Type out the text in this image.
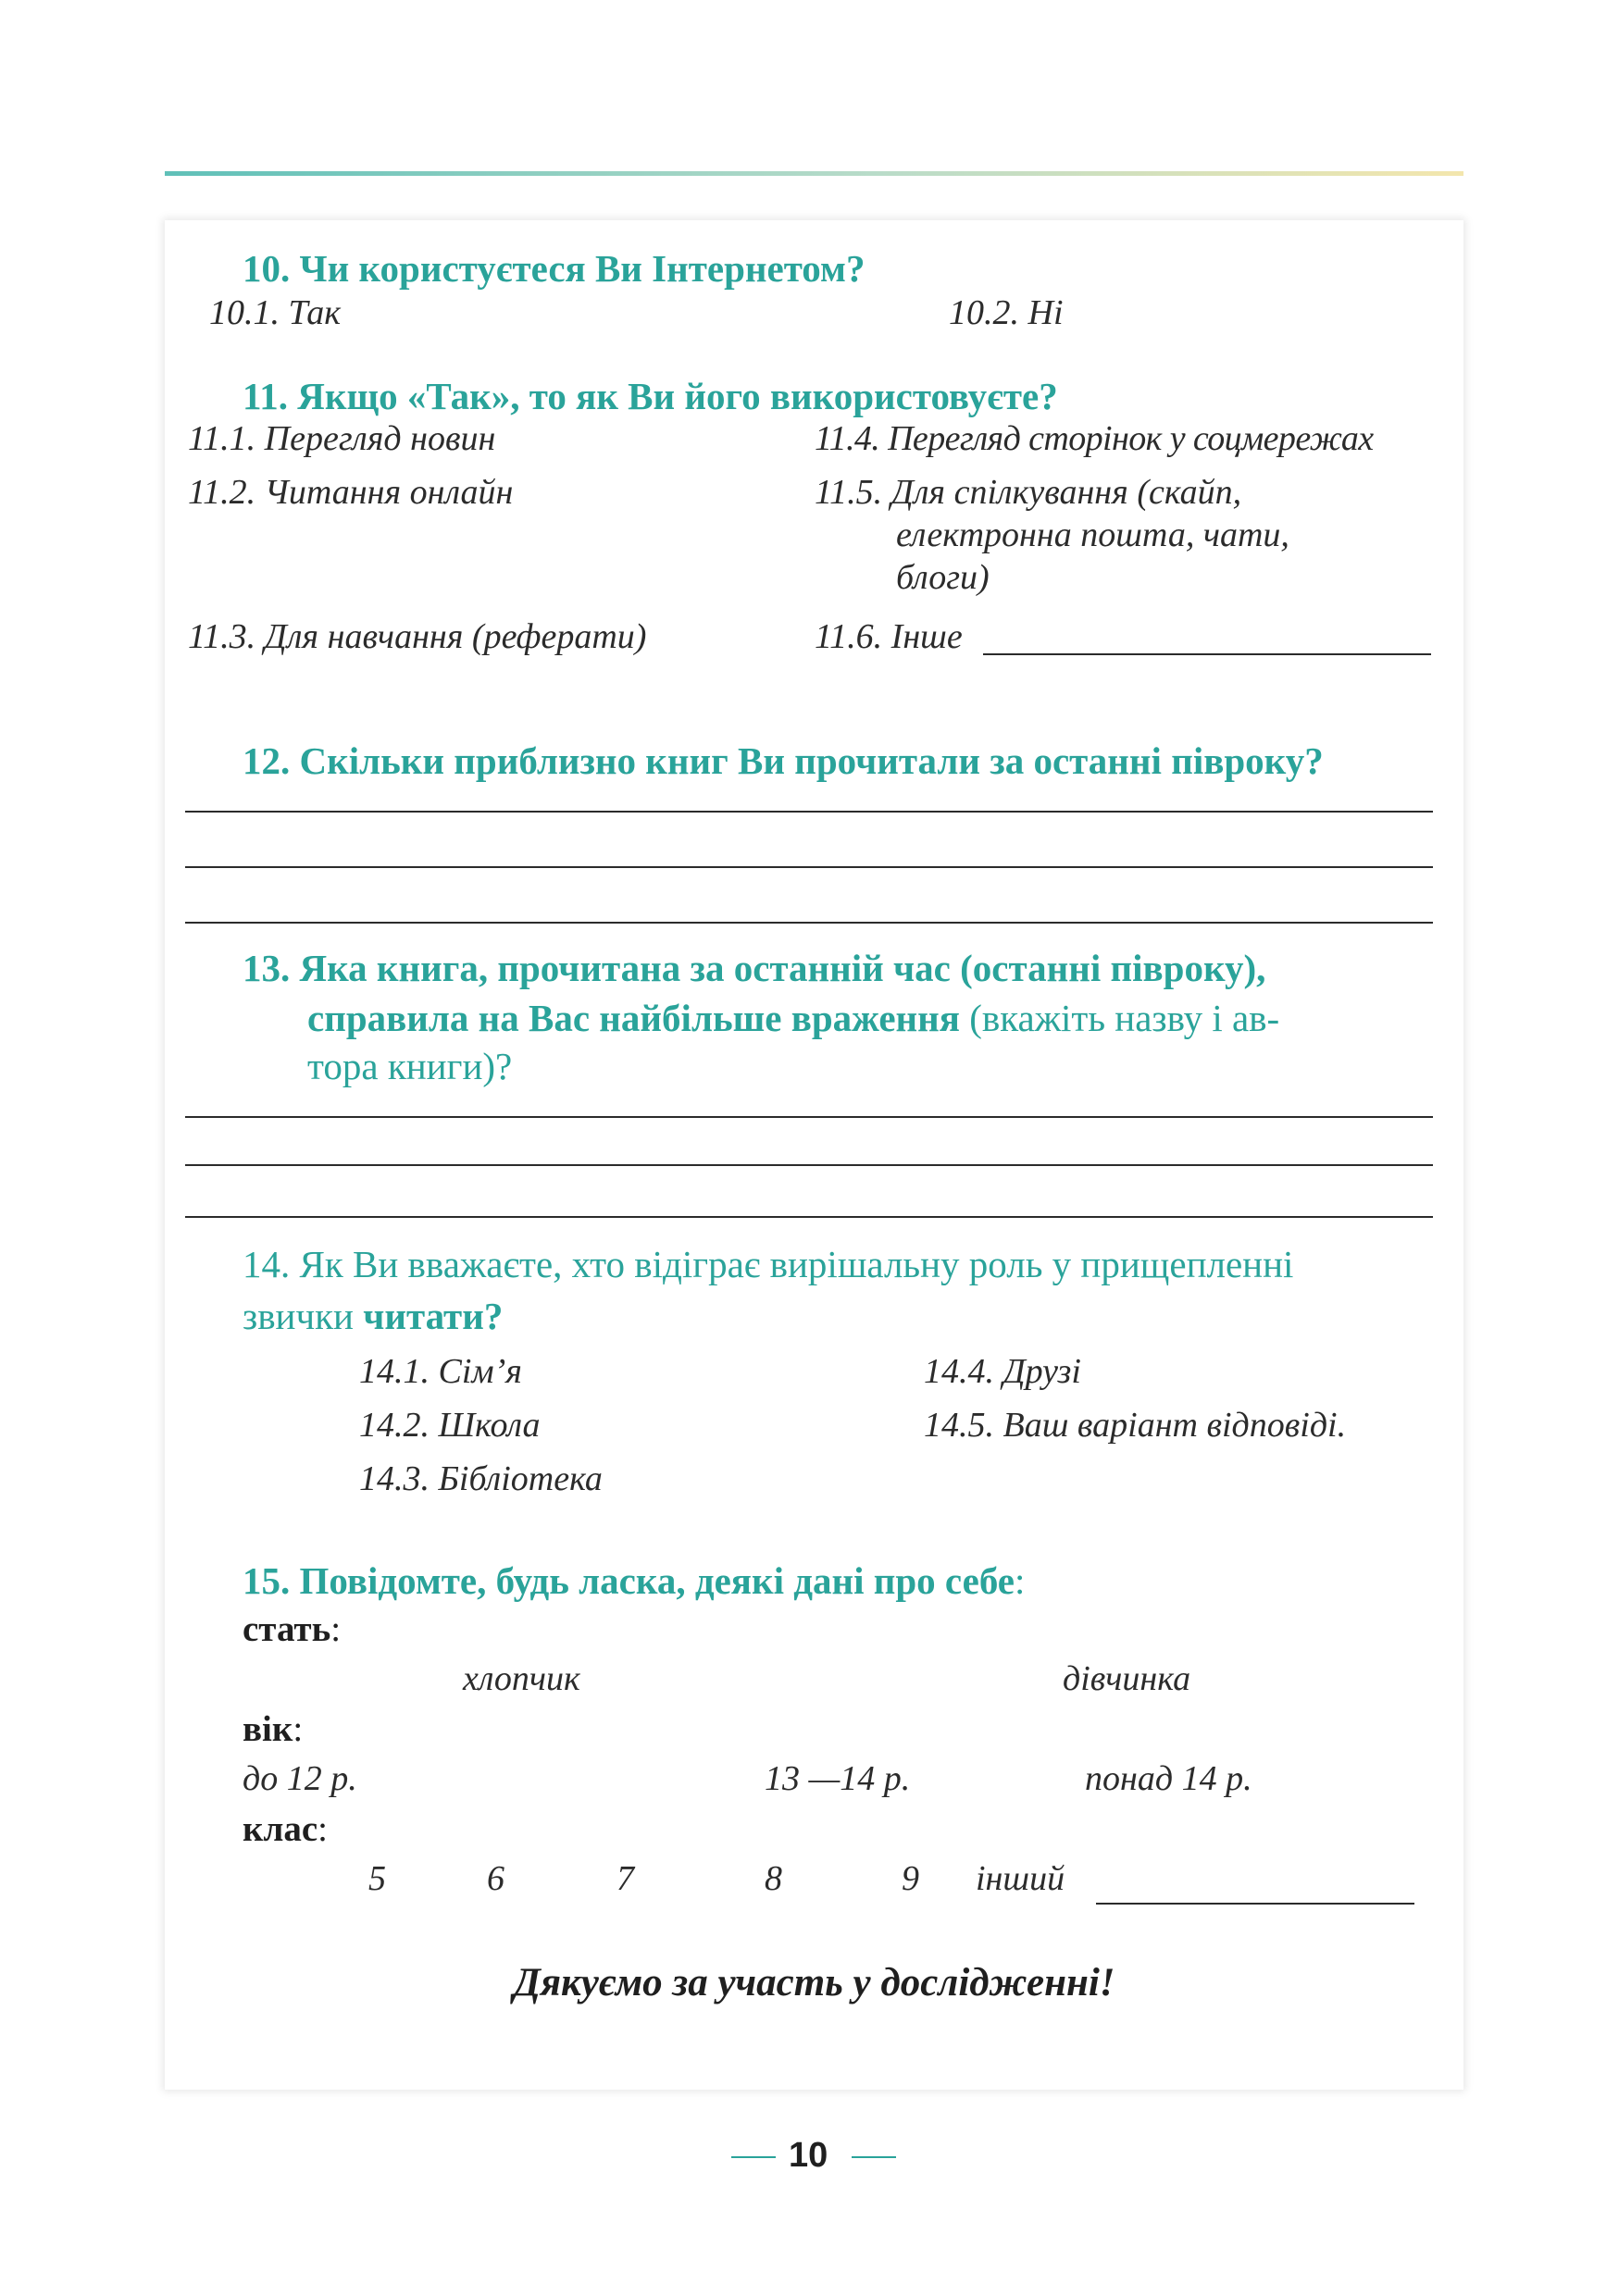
10. Чи користуєтеся Ви Інтернетом?
10.1. Так	10.2. Ні
11. Якщо «Так», то як Ви його використовуєте?
11.1. Перегляд новин
11.2. Читання онлайн
11.3. Для навчання (реферати)
11.4. Перегляд сторінок у соцмережах
11.5. Для спілкування (скайп,
електронна пошта, чати,
блоги)
11.6. Інше
12. Скільки приблизно книг Ви прочитали за останні півроку?
13. Яка книга, прочитана за останній час (останні півроку),
справила на Вас найбільше враження (вкажіть назву і ав-
тора книги)?
14. Як Ви вважаєте, хто відіграє вирішальну роль у прищепленні
звички читати?
14.1. Сім’я
14.2. Школа
14.3. Бібліотека
14.4. Друзі
14.5. Ваш варіант відповіді.
15. Повідомте, будь ласка, деякі дані про себе:
стать:
хлопчик	дівчинка
вік:
до 12 р.	13 —14 р.	понад 14 р.
клас:
5	6	7	8	9 інший
Дякуємо за участь у дослідженні!
10
